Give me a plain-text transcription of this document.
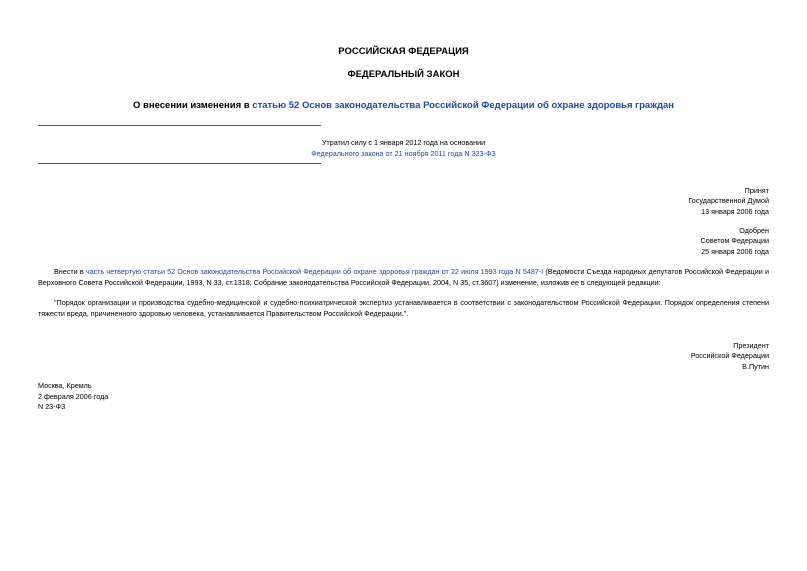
РОССИЙСКАЯ ФЕДЕРАЦИЯ
ФЕДЕРАЛЬНЫЙ ЗАКОН
О внесении изменения в статью 52 Основ законодательства Российской Федерации об охране здоровья граждан
Утратил силу с 1 января 2012 года на основании
Федерального закона от 21 ноября 2011 года N 323-ФЗ
Принят
Государственной Думой
13 января 2006 года
Одобрен
Советом Федерации
25 января 2006 года
Внести в часть четвертую статьи 52 Основ законодательства Российской Федерации об охране здоровья граждан от 22 июля 1993 года N 5487-I (Ведомости Съезда народных депутатов Российской Федерации и Верховного Совета Российской Федерации, 1993, N 33, ст.1318; Собрание законодательства Российской Федерации, 2004, N 35, ст.3607) изменение, изложив ее в следующей редакции:
"Порядок организации и производства судебно-медицинской и судебно-психиатрической экспертиз устанавливается в соответствии с законодательством Российской Федерации. Порядок определения степени тяжести вреда, причиненного здоровью человека, устанавливается Правительством Российской Федерации.".
Президент
Российской Федерации
В.Путин
Москва, Кремль
2 февраля 2006 года
N 23-ФЗ
